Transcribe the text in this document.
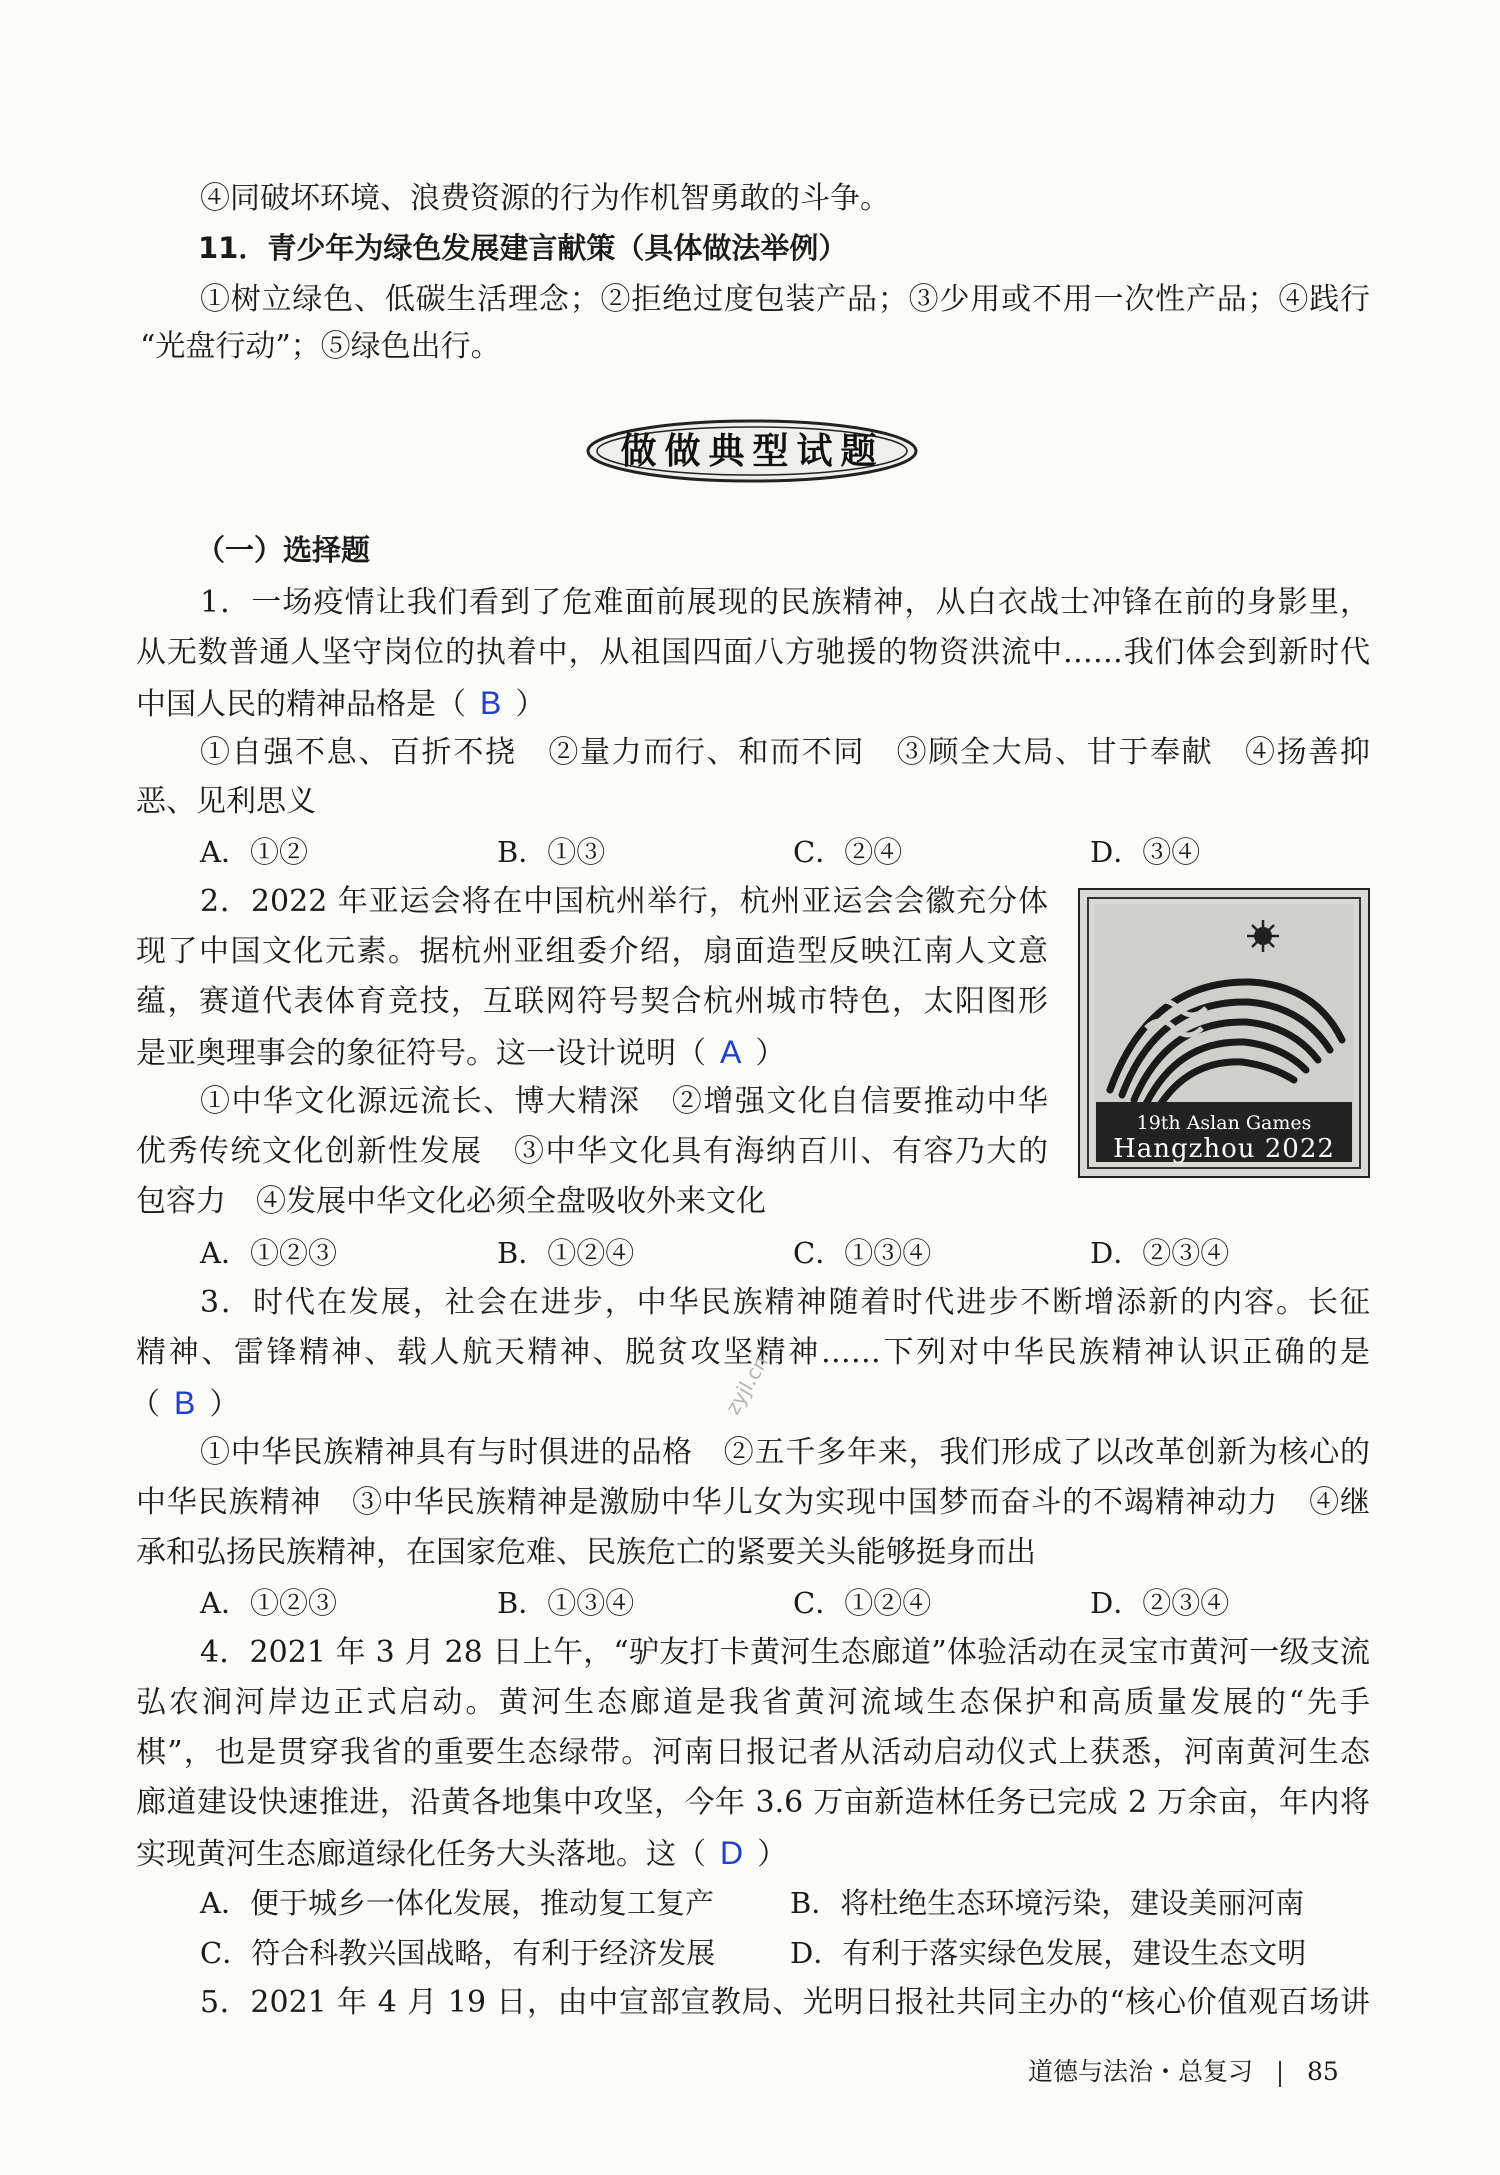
④同破坏环境、浪费资源的行为作机智勇敢的斗争。
11．青少年为绿色发展建言献策（具体做法举例）
①树立绿色、低碳生活理念；②拒绝过度包装产品；③少用或不用一次性产品；④践行
“光盘行动”；⑤绿色出行。
做做典型试题
（一）选择题
1．一场疫情让我们看到了危难面前展现的民族精神，从白衣战士冲锋在前的身影里，
从无数普通人坚守岗位的执着中，从祖国四面八方驰援的物资洪流中……我们体会到新时代
中国人民的精神品格是（ B ）
①自强不息、百折不挠　②量力而行、和而不同　③顾全大局、甘于奉献　④扬善抑
恶、见利思义
A．①②	B．①③	C．②④	D．③④
2．2022 年亚运会将在中国杭州举行，杭州亚运会会徽充分体
现了中国文化元素。据杭州亚组委介绍，扇面造型反映江南人文意
蕴，赛道代表体育竞技，互联网符号契合杭州城市特色，太阳图形
是亚奥理事会的象征符号。这一设计说明（ A ）
①中华文化源远流长、博大精深　②增强文化自信要推动中华
优秀传统文化创新性发展　③中华文化具有海纳百川、有容乃大的
包容力　④发展中华文化必须全盘吸收外来文化
19th Aslan Games
Hangzhou 2022
A．①②③	B．①②④	C．①③④	D．②③④
3．时代在发展，社会在进步，中华民族精神随着时代进步不断增添新的内容。长征
精神、雷锋精神、载人航天精神、脱贫攻坚精神……下列对中华民族精神认识正确的是
（ B ）	zyjl.cn
①中华民族精神具有与时俱进的品格　②五千多年来，我们形成了以改革创新为核心的
中华民族精神　③中华民族精神是激励中华儿女为实现中国梦而奋斗的不竭精神动力　④继
承和弘扬民族精神，在国家危难、民族危亡的紧要关头能够挺身而出
A．①②③	B．①③④	C．①②④	D．②③④
4．2021 年 3 月 28 日上午，“驴友打卡黄河生态廊道”体验活动在灵宝市黄河一级支流
弘农涧河岸边正式启动。黄河生态廊道是我省黄河流域生态保护和高质量发展的“先手
棋”，也是贯穿我省的重要生态绿带。河南日报记者从活动启动仪式上获悉，河南黄河生态
廊道建设快速推进，沿黄各地集中攻坚，今年 3.6 万亩新造林任务已完成 2 万余亩，年内将
实现黄河生态廊道绿化任务大头落地。这（ D ）
A．便于城乡一体化发展，推动复工复产	B．将杜绝生态环境污染，建设美丽河南
C．符合科教兴国战略，有利于经济发展	D．有利于落实绿色发展，建设生态文明
5．2021 年 4 月 19 日，由中宣部宣教局、光明日报社共同主办的“核心价值观百场讲
道德与法治・总复习 85
